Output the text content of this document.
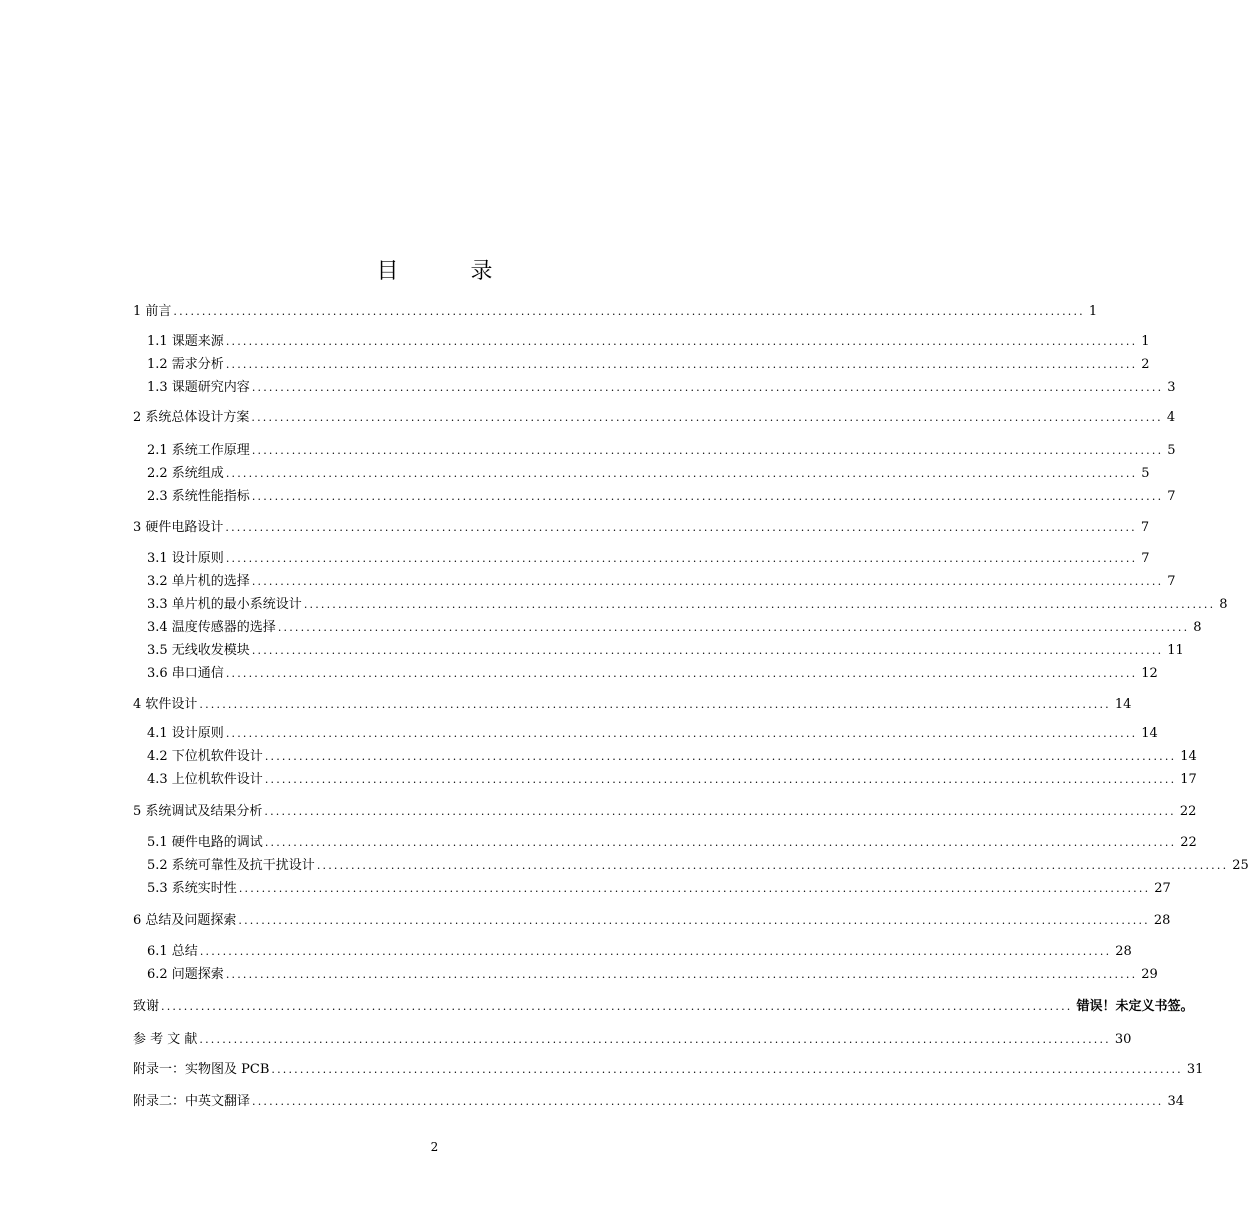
目	录
1 前言 ................................................................................................................................................................ 1
1.1 课题来源 ................................................................................................................................................................ 1
1.2 需求分析 ................................................................................................................................................................ 2
1.3 课题研究内容 ................................................................................................................................................................ 3
2 系统总体设计方案 ................................................................................................................................................................ 4
2.1 系统工作原理 ................................................................................................................................................................ 5
2.2 系统组成 ................................................................................................................................................................ 5
2.3 系统性能指标 ................................................................................................................................................................ 7
3 硬件电路设计 ................................................................................................................................................................ 7
3.1 设计原则 ................................................................................................................................................................ 7
3.2 单片机的选择 ................................................................................................................................................................ 7
3.3 单片机的最小系统设计 ................................................................................................................................................................ 8
3.4 温度传感器的选择 ................................................................................................................................................................ 8
3.5 无线收发模块 ................................................................................................................................................................ 11
3.6 串口通信 ................................................................................................................................................................ 12
4 软件设计 ................................................................................................................................................................ 14
4.1 设计原则 ................................................................................................................................................................ 14
4.2 下位机软件设计 ................................................................................................................................................................ 14
4.3 上位机软件设计 ................................................................................................................................................................ 17
5 系统调试及结果分析 ................................................................................................................................................................ 22
5.1 硬件电路的调试 ................................................................................................................................................................ 22
5.2 系统可靠性及抗干扰设计 ................................................................................................................................................................ 25
5.3 系统实时性 ................................................................................................................................................................ 27
6 总结及问题探索 ................................................................................................................................................................ 28
6.1 总结 ................................................................................................................................................................ 28
6.2 问题探索 ................................................................................................................................................................ 29
致谢 ................................................................................................................................................................ 错误！未定义书签。
参 考 文 献 ................................................................................................................................................................ 30
附录一：实物图及 PCB ................................................................................................................................................................ 31
附录二：中英文翻译 ................................................................................................................................................................ 34
2
